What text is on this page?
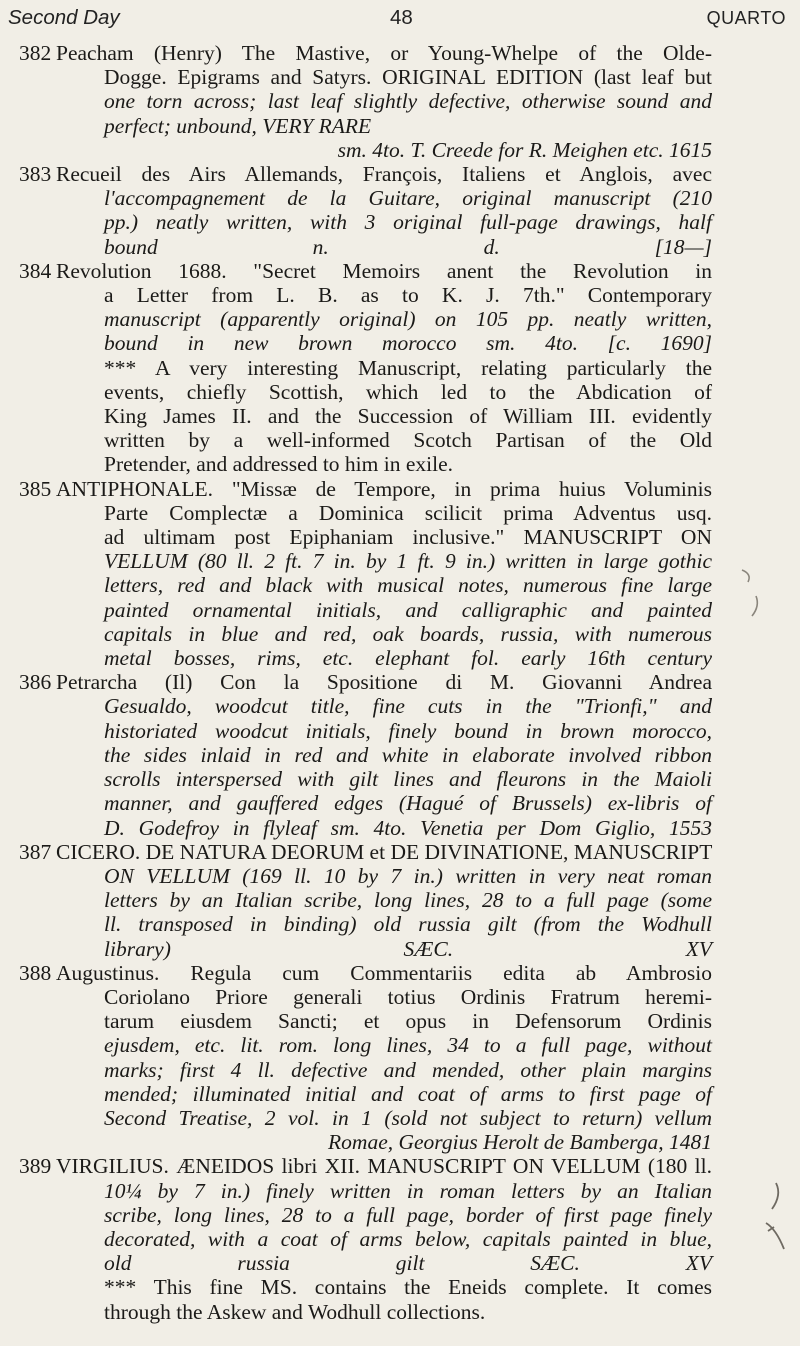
Second Day	48	QUARTO
382 Peacham (Henry) The Mastive, or Young-Whelpe of the Olde-
Dogge. Epigrams and Satyrs. ORIGINAL EDITION (last leaf but
one torn across; last leaf slightly defective, otherwise sound and
perfect; unbound, VERY RARE
sm. 4to. T. Creede for R. Meighen etc. 1615
383 Recueil des Airs Allemands, François, Italiens et Anglois, avec
l'accompagnement de la Guitare, original manuscript (210
pp.) neatly written, with 3 original full-page drawings, half
bound n. d. [18—]
384 Revolution 1688. "Secret Memoirs anent the Revolution in
a Letter from L. B. as to K. J. 7th." Contemporary
manuscript (apparently original) on 105 pp. neatly written,
bound in new brown morocco sm. 4to. [c. 1690]
*** A very interesting Manuscript, relating particularly the
events, chiefly Scottish, which led to the Abdication of
King James II. and the Succession of William III. evidently
written by a well-informed Scotch Partisan of the Old
Pretender, and addressed to him in exile.
385 ANTIPHONALE. "Missæ de Tempore, in prima huius Voluminis
Parte Complectæ a Dominica scilicit prima Adventus usq.
ad ultimam post Epiphaniam inclusive." MANUSCRIPT ON
VELLUM (80 ll. 2 ft. 7 in. by 1 ft. 9 in.) written in large gothic
letters, red and black with musical notes, numerous fine large
painted ornamental initials, and calligraphic and painted
capitals in blue and red, oak boards, russia, with numerous
metal bosses, rims, etc. elephant fol. early 16th century
386 Petrarcha (Il) Con la Spositione di M. Giovanni Andrea
Gesualdo, woodcut title, fine cuts in the "Trionfi," and
historiated woodcut initials, finely bound in brown morocco,
the sides inlaid in red and white in elaborate involved ribbon
scrolls interspersed with gilt lines and fleurons in the Maioli
manner, and gauffered edges (Hagué of Brussels) ex-libris of
D. Godefroy in flyleaf sm. 4to. Venetia per Dom Giglio, 1553
387 CICERO. DE NATURA DEORUM et DE DIVINATIONE, MANUSCRIPT
ON VELLUM (169 ll. 10 by 7 in.) written in very neat roman
letters by an Italian scribe, long lines, 28 to a full page (some
ll. transposed in binding) old russia gilt (from the Wodhull
library) SÆC. XV
388 Augustinus. Regula cum Commentariis edita ab Ambrosio
Coriolano Priore generali totius Ordinis Fratrum heremi-
tarum eiusdem Sancti; et opus in Defensorum Ordinis
ejusdem, etc. lit. rom. long lines, 34 to a full page, without
marks; first 4 ll. defective and mended, other plain margins
mended; illuminated initial and coat of arms to first page of
Second Treatise, 2 vol. in 1 (sold not subject to return) vellum
Romae, Georgius Herolt de Bamberga, 1481
389 VIRGILIUS. ÆNEIDOS libri XII. MANUSCRIPT ON VELLUM (180 ll.
10¼ by 7 in.) finely written in roman letters by an Italian
scribe, long lines, 28 to a full page, border of first page finely
decorated, with a coat of arms below, capitals painted in blue,
old russia gilt SÆC. XV
*** This fine MS. contains the Eneids complete. It comes
through the Askew and Wodhull collections.
